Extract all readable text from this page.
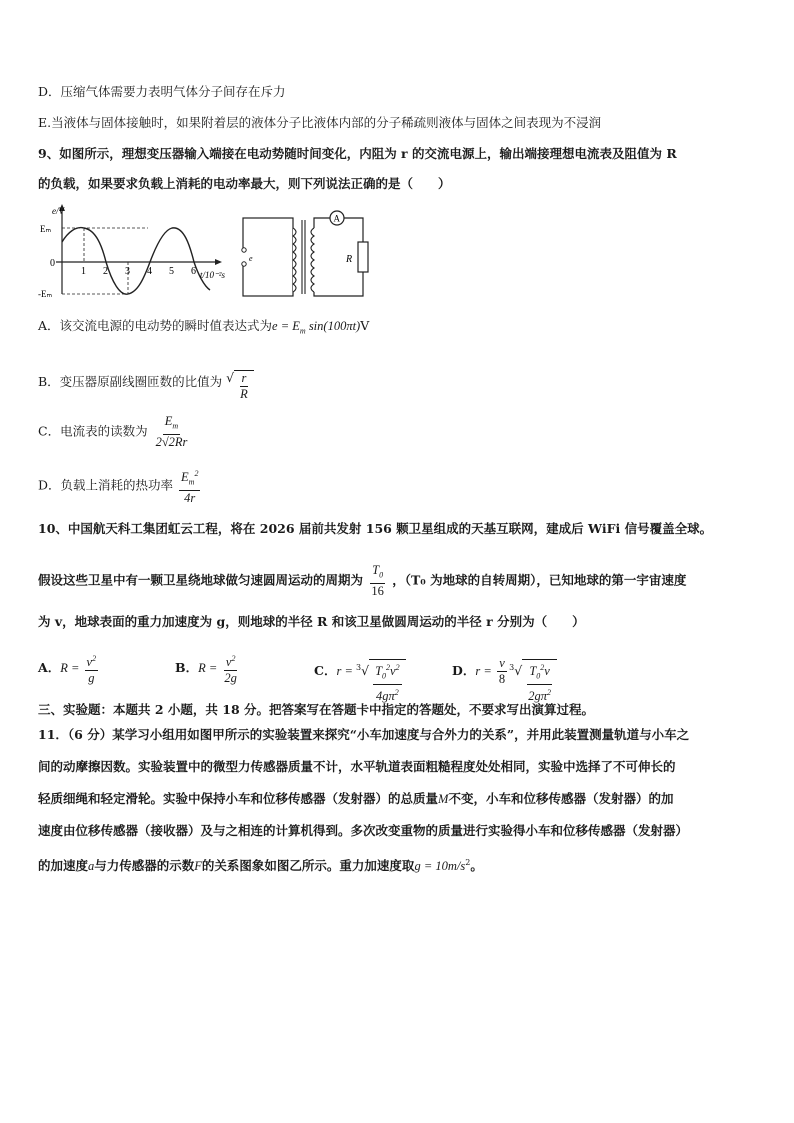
D．压缩气体需要力表明气体分子间存在斥力
E.当液体与固体接触时，如果附着层的液体分子比液体内部的分子稀疏则液体与固体之间表现为不浸润
9、如图所示，理想变压器输入端接在电动势随时间变化，内阻为 r 的交流电源上，输出端接理想电流表及阻值为 R
的负载，如果要求负载上消耗的电动率最大，则下列说法正确的是（　　）
e/V
Eₘ
0
-Eₘ
1 2 3 4 5 6 t/10⁻²s
e
A
R
A．该交流电源的电动势的瞬时值表达式为$e = E_m$ sin(100πt)V
B．变压器原副线圈匝数的比值为 √ $\frac{r}{R}$
C．电流表的读数为 $\frac{E_m}{2√2Rr}$
D．负载上消耗的热功率 $\frac{E_m^2}{4r}$
10、中国航天科工集团虹云工程，将在 2026 届前共发射 156 颗卫星组成的天基互联网，建成后 WiFi 信号覆盖全球。
假设这些卫星中有一颗卫星绕地球做匀速圆周运动的周期为 $\frac{T_0}{16}$ ，（T₀ 为地球的自转周期），已知地球的第一宇宙速度
为 v，地球表面的重力加速度为 g，则地球的半径 R 和该卫星做圆周运动的半径 r 分别为（　　）
A．$R = \frac{v^2}{g}$	B．$R = \frac{v^2}{2g}$	C．$r = ^3√ \frac{T_0^2v^2}{4g\pi^2}$	D．$r = \frac{v}{8} ^3√ \frac{T_0^2v}{2g\pi^2}$
三、实验题：本题共 2 小题，共 18 分。把答案写在答题卡中指定的答题处，不要求写出演算过程。
11．（6 分）某学习小组用如图甲所示的实验装置来探究“小车加速度与合外力的关系”，并用此装置测量轨道与小车之
间的动摩擦因数。实验装置中的微型力传感器质量不计，水平轨道表面粗糙程度处处相同，实验中选择了不可伸长的
轻质细绳和轻定滑轮。实验中保持小车和位移传感器（发射器）的总质量M不变，小车和位移传感器（发射器）的加
速度由位移传感器（接收器）及与之相连的计算机得到。多次改变重物的质量进行实验得小车和位移传感器（发射器）
的加速度a与力传感器的示数F的关系图象如图乙所示。重力加速度取$g = 10m/s^2$。
